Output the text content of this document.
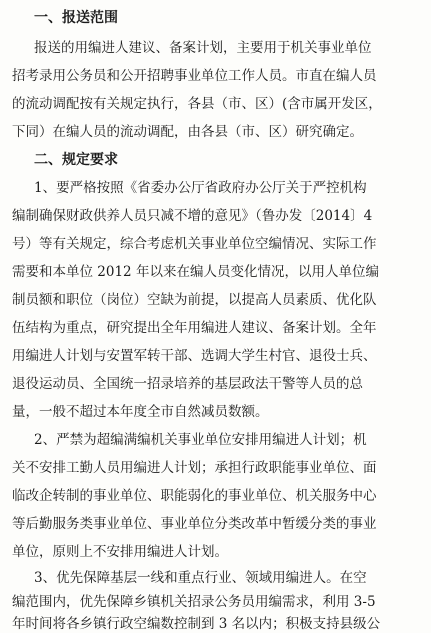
一、报送范围
报送的用编进人建议、备案计划，主要用于机关事业单位
招考录用公务员和公开招聘事业单位工作人员。市直在编人员
的流动调配按有关规定执行，各县（市、区）(含市属开发区，
下同）在编人员的流动调配，由各县（市、区）研究确定。
二、规定要求
1、要严格按照《省委办公厅省政府办公厅关于严控机构
编制确保财政供养人员只减不增的意见》（鲁办发〔2014〕4
号）等有关规定，综合考虑机关事业单位空编情况、实际工作
需要和本单位 2012 年以来在编人员变化情况，以用人单位编
制员额和职位（岗位）空缺为前提，以提高人员素质、优化队
伍结构为重点，研究提出全年用编进人建议、备案计划。全年
用编进人计划与安置军转干部、选调大学生村官、退役士兵、
退役运动员、全国统一招录培养的基层政法干警等人员的总
量，一般不超过本年度全市自然减员数额。
2、严禁为超编满编机关事业单位安排用编进人计划；机
关不安排工勤人员用编进人计划；承担行政职能事业单位、面
临改企转制的事业单位、职能弱化的事业单位、机关服务中心
等后勤服务类事业单位、事业单位分类改革中暂缓分类的事业
单位，原则上不安排用编进人计划。
3、优先保障基层一线和重点行业、领域用编进人。在空
编范围内，优先保障乡镇机关招录公务员用编需求，利用 3-5
年时间将各乡镇行政空编数控制到 3 名以内；积极支持县级公
